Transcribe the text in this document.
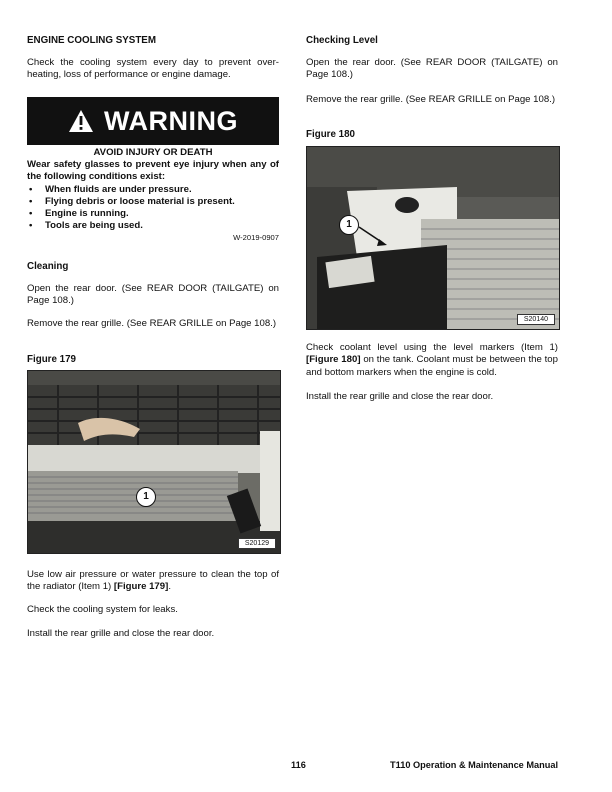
ENGINE COOLING SYSTEM

Check the cooling system every day to prevent over-heating, loss of performance or engine damage.

WARNING
AVOID INJURY OR DEATH
Wear safety glasses to prevent eye injury when any of the following conditions exist:
• When fluids are under pressure.
• Flying debris or loose material is present.
• Engine is running.
• Tools are being used.
W-2019-0907
Cleaning

Open the rear door. (See REAR DOOR (TAILGATE) on Page 108.)

Remove the rear grille. (See REAR GRILLE on Page 108.)

Figure 179
1
S20129

Use low air pressure or water pressure to clean the top of the radiator (Item 1) [Figure 179].

Check the cooling system for leaks.

Install the rear grille and close the rear door.

Checking Level

Open the rear door. (See REAR DOOR (TAILGATE) on Page 108.)

Remove the rear grille. (See REAR GRILLE on Page 108.)

Figure 180
1
S20140

Check coolant level using the level markers (Item 1) [Figure 180] on the tank. Coolant must be between the top and bottom markers when the engine is cold.

Install the rear grille and close the rear door.

116	T110 Operation & Maintenance Manual
